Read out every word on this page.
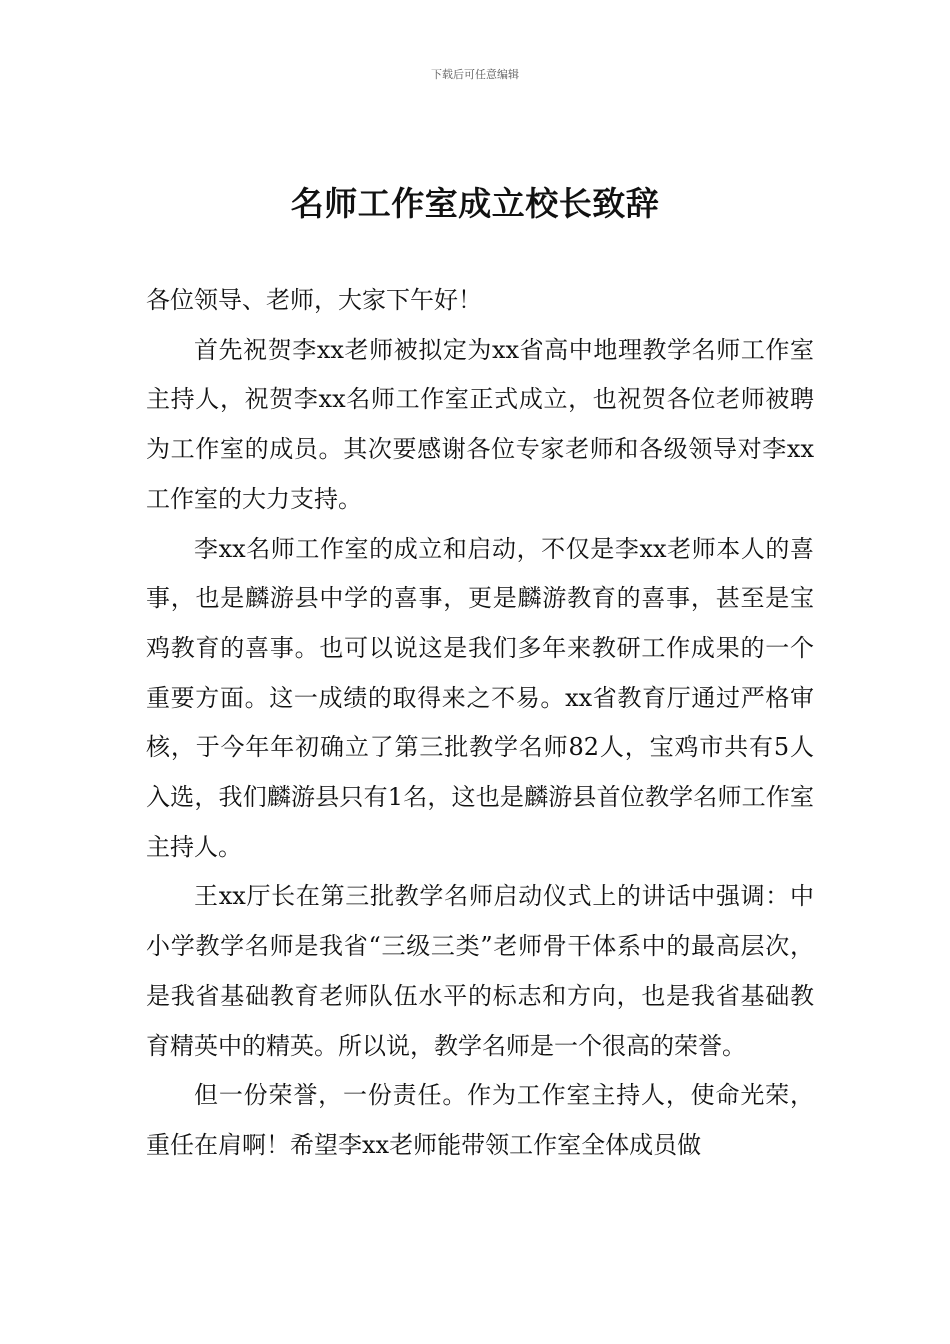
下载后可任意编辑
名师工作室成立校长致辞

各位领导、老师，大家下午好！

首先祝贺李xx老师被拟定为xx省高中地理教学名师工作室主持人，祝贺李xx名师工作室正式成立，也祝贺各位老师被聘为工作室的成员。其次要感谢各位专家老师和各级领导对李xx工作室的大力支持。

李xx名师工作室的成立和启动，不仅是李xx老师本人的喜事，也是麟游县中学的喜事，更是麟游教育的喜事，甚至是宝鸡教育的喜事。也可以说这是我们多年来教研工作成果的一个重要方面。这一成绩的取得来之不易。xx省教育厅通过严格审核，于今年年初确立了第三批教学名师82人，宝鸡市共有5人入选，我们麟游县只有1名，这也是麟游县首位教学名师工作室主持人。

王xx厅长在第三批教学名师启动仪式上的讲话中强调：中小学教学名师是我省“三级三类”老师骨干体系中的最高层次，是我省基础教育老师队伍水平的标志和方向，也是我省基础教育精英中的精英。所以说，教学名师是一个很高的荣誉。

但一份荣誉，一份责任。作为工作室主持人，使命光荣，重任在肩啊！希望李xx老师能带领工作室全体成员做
